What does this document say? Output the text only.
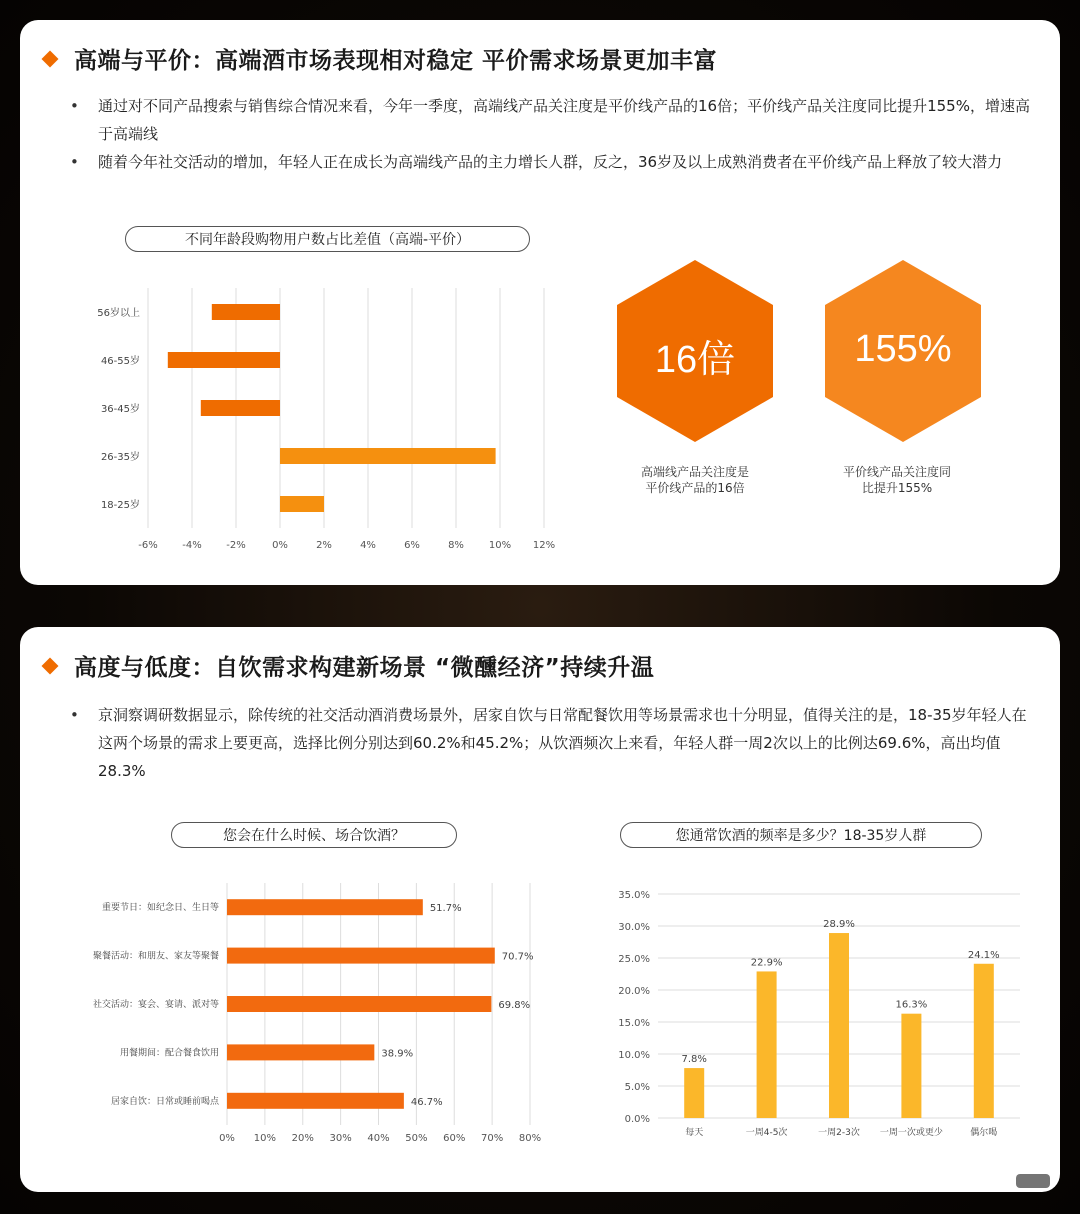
高端与平价：高端酒市场表现相对稳定 平价需求场景更加丰富
• 通过对不同产品搜索与销售综合情况来看，今年一季度，高端线产品关注度是平价线产品的16倍；平价线产品关注度同比提升155%，增速高于高端线
• 随着今年社交活动的增加，年轻人正在成长为高端线产品的主力增长人群，反之，36岁及以上成熟消费者在平价线产品上释放了较大潜力
不同年龄段购物用户数占比差值（高端-平价）
-6% -4% -2%	0%	2%	4%	6%	8% 10% 12%
56岁以上
46-55岁
36-45岁
26-35岁
18-25岁
16倍	155%
高端线产品关注度是
平价线产品的16倍
平价线产品关注度同
比提升155%
高度与低度：自饮需求构建新场景 “微醺经济”持续升温
• 京洞察调研数据显示，除传统的社交活动酒消费场景外，居家自饮与日常配餐饮用等场景需求也十分明显，值得关注的是，18-35岁年轻人在这两个场景的需求上要更高，选择比例分别达到60.2%和45.2%；从饮酒频次上来看，年轻人群一周2次以上的比例达69.6%，高出均值28.3%
您会在什么时候、场合饮酒？	您通常饮酒的频率是多少？18-35岁人群
0% 10% 20% 30% 40% 50% 60% 70% 80%
51.7%
重要节日：如纪念日、生日等
70.7%
聚餐活动：和朋友、家友等聚餐
69.8%
社交活动：宴会、宴请、派对等
38.9%
用餐期间：配合餐食饮用
46.7%
居家自饮：日常或睡前喝点
0.0%
5.0%
10.0%
15.0%
20.0%
25.0%
30.0%
35.0%
7.8%
每天
22.9%
一周4-5次
28.9%
一周2-3次
16.3%
一周一次或更少
24.1%
偶尔喝
